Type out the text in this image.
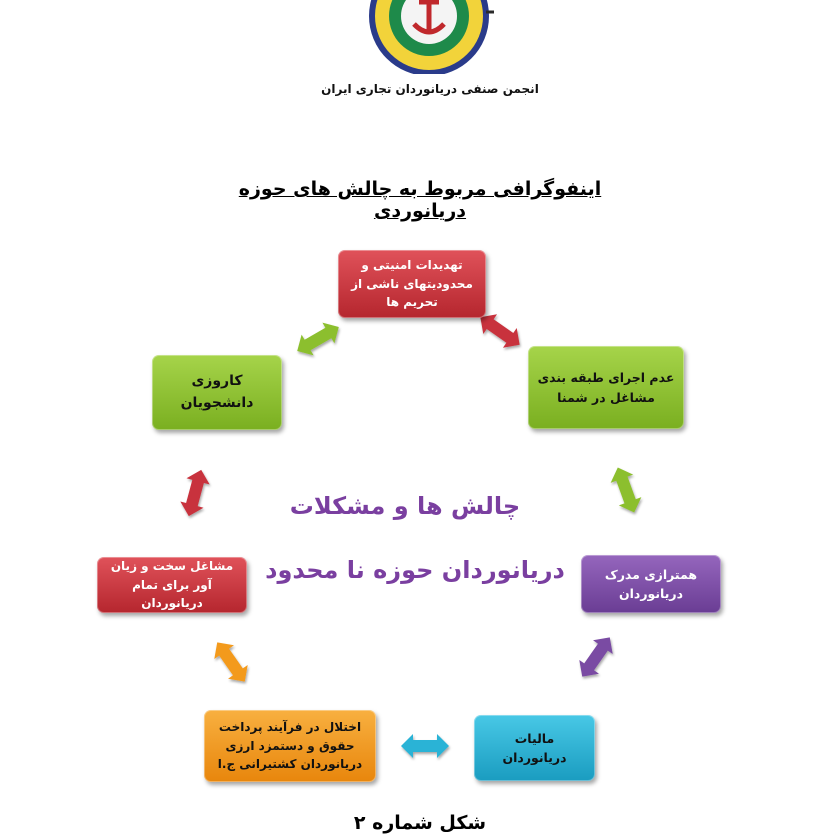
انجمن صنفی دریانوردان تجاری ایران
اینفوگرافی مربوط به چالش های حوزه دریانوردی
تهدیدات امنیتی و محدودیتهای ناشی از تحریم ها
عدم اجرای طبقه بندی مشاغل در شمنا
کاروزی دانشجویان
همترازی مدرک دریانوردان
مشاغل سخت و زیان آور برای تمام دریانوردان
مالیات دریانوردان
اختلال در فرآیند پرداخت حقوق و دستمزد ارزی دریانوردان کشتیرانی ج.ا
چالش ها و مشکلات
دریانوردان حوزه نا محدود
شکل شماره ۲
